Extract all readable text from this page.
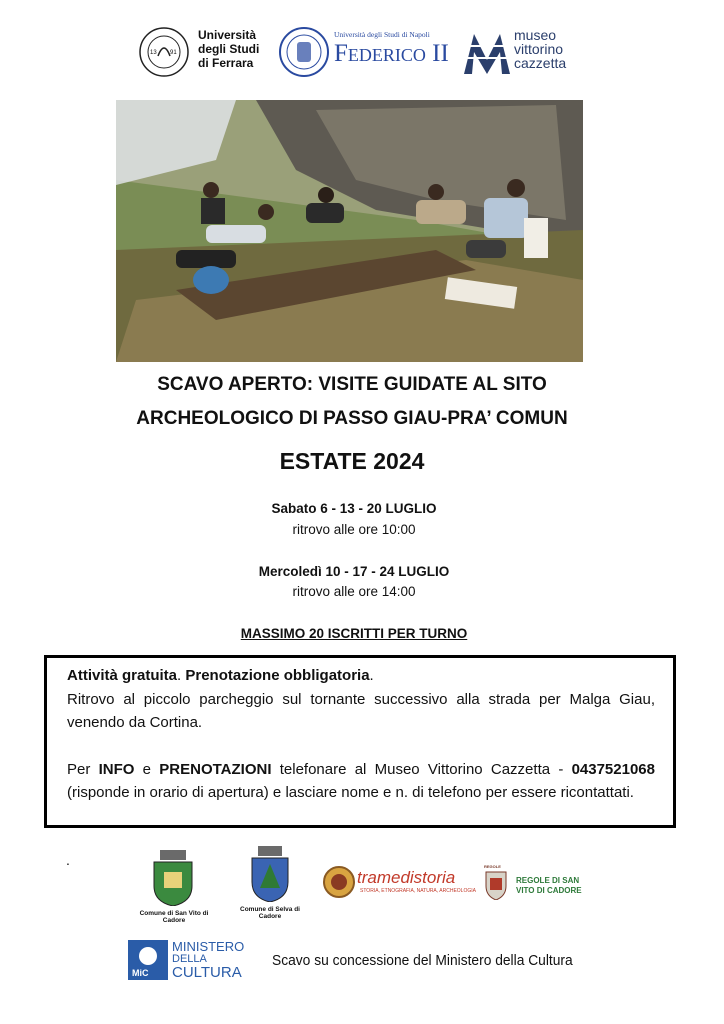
13 91
Università
degli Studi
di Ferrara
Università degli Studi di Napoli
Federico II
museo
vittorino
cazzetta
SCAVO APERTO: VISITE GUIDATE AL SITO
ARCHEOLOGICO DI PASSO GIAU-PRA’ COMUN
ESTATE 2024
Sabato 6 - 13 - 20 LUGLIO
ritrovo alle ore 10:00
Mercoledì 10 - 17 - 24 LUGLIO
ritrovo alle ore 14:00
MASSIMO 20 ISCRITTI PER TURNO

Attività gratuita. Prenotazione obbligatoria.

Ritrovo al piccolo parcheggio sul tornante successivo alla strada per Malga Giau, venendo da Cortina.

Per INFO e PRENOTAZIONI telefonare al Museo Vittorino Cazzetta - 0437521068 (risponde in orario di apertura) e lasciare nome e n. di telefono per essere ricontattati.

.
Comune di San Vito di Cadore
Comune di Selva di Cadore
tramedistoria
STORIA, ETNOGRAFIA, NATURA, ARCHEOLOGIA
REGOLE
REGOLE DI SAN
VITO DI CADORE
MiC
MINISTERO
DELLA
CULTURA
Scavo su concessione del Ministero della Cultura
